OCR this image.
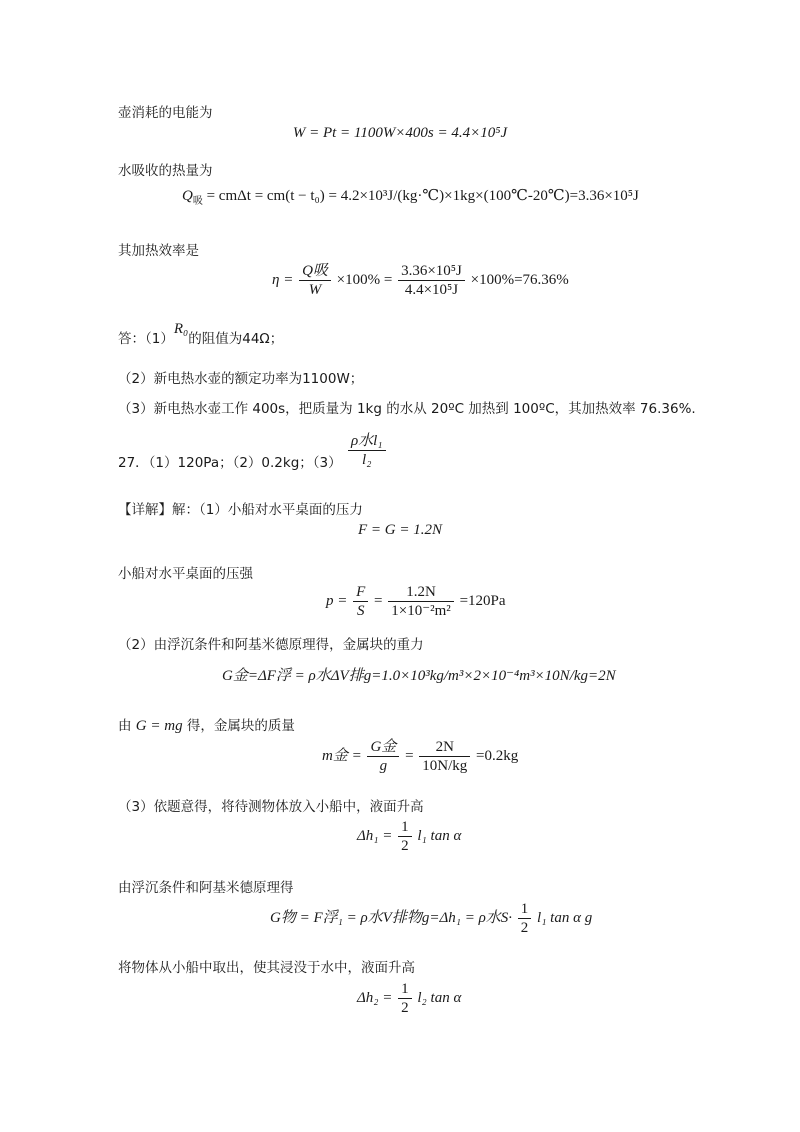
壶消耗的电能为
W = Pt = 1100W×400s = 4.4×10⁵J
水吸收的热量为
$Q_吸 = cm\Delta t = cm(t - t_0)$ = 4.2×10³J/(kg·℃)×1kg×(100℃-20℃)=3.36×10⁵J
其加热效率是
$\eta = \frac{\text{Q吸}}{W} \times 100\% = \frac{\text{3.36×10⁵J}}{\text{4.4×10⁵J}} \times 100\%=76.36\%$
答：（1）R₀的阻值为44Ω；
（2）新电热水壶的额定功率为1100W；
（3）新电热水壶工作 400s，把质量为 1kg 的水从 20ºC 加热到 100ºC，其加热效率 76.36%.
27．（1）120Pa；（2）0.2kg；$(3) \frac{\text{ρ水l₁}}{\text{l₂}}$
【详解】解：（1）小船对水平桌面的压力
F = G = 1.2N
小船对水平桌面的压强
$p = \frac{F}{S} = \frac{1.2N}{\text{1×10⁻²m²}} =120Pa$
（2）由浮沉条件和阿基米德原理得，金属块的重力
G金=ΔF浮 = ρ水ΔV排g=1.0×10³kg/m³×2×10⁻⁴m³×10N/kg=2N
由 G = mg 得，金属块的质量
m金 = $\frac{\text{G金}}{g} = \frac{2N}{10N/kg} =0.2kg$
（3）依题意得，将待测物体放入小船中，液面升高
$\Delta h_1 = \frac{1}{2} l_1$ tan α
由浮沉条件和阿基米德原理得
G物 = F浮₁ = ρ水V排物g=Δh₁ = ρ水$S\cdot \frac{1}{2} l_1$ tan α g
将物体从小船中取出，使其浸没于水中，液面升高
$\Delta h_2 = \frac{1}{2} l_2$ tan α
